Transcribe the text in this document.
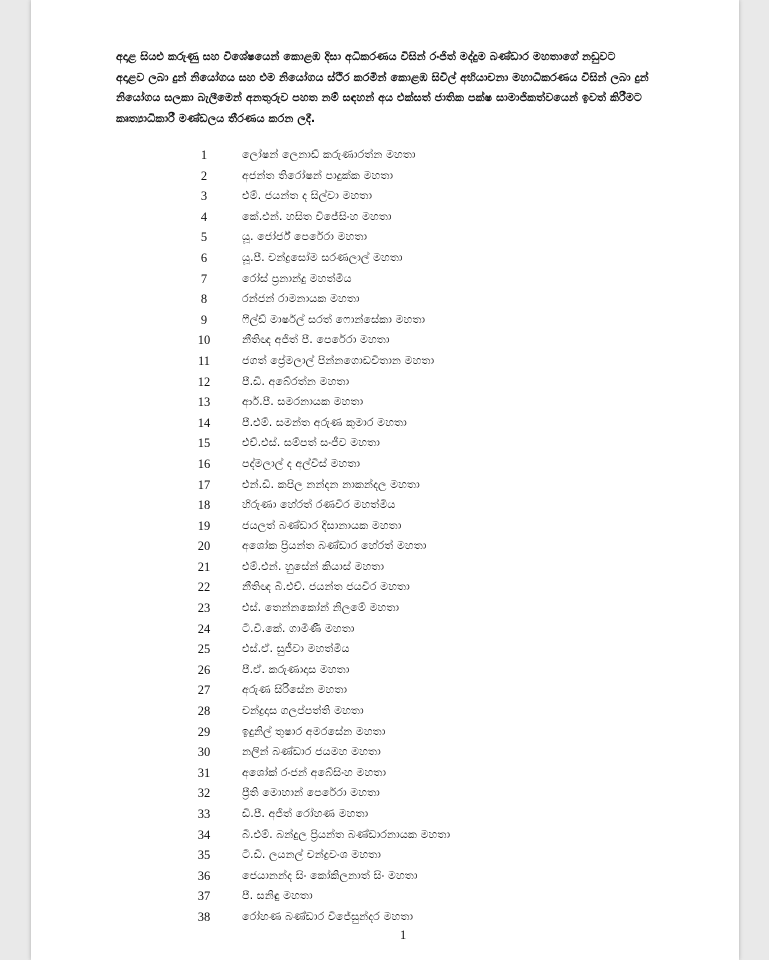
අදාළ සියළු කරුණු සහ විශේෂයෙන් කොළඹ දිසා අධිකරණය විසින් රංජිත් මද්දුම බණ්ඩාර මහතාගේ නඩුවට
අදාළව ලබා දුන් නියෝගය සහ එම නියෝගය ස්ථිර කරමින් කොළඹ සිවිල් අභියාචනා මහාධිකරණය විසින් ලබා දුන්
නියෝගය සලකා බැලීමෙන් අනතුරුව පහත නම් සඳහන් අය එක්සත් ජාතික පක්ෂ සාමාජිකත්වයෙන් ඉවත් කිරීමට
කෘත්‍යාධිකාරී මණ්ඩලය තීරණය කරන ලදී.

1	ලෝෂන් ලෙනාඩ් කරුණාරත්න මහතා
2	අජන්ත තිරෝෂන් පාදුක්ක මහතා
3	එම්. ජයන්ත ද සිල්වා මහතා
4	කේ.එන්. හසිත විජේසිංහ මහතා
5	යූ. ජෝර්ජ් පෙරේරා මහතා
6	යූ.පී. චන්ද්‍රසෝම සරණලාල් මහතා
7	රෝස් ප්‍රනාන්දු මහත්මිය
8	රන්ජන් රාමනායක මහතා
9	ෆීල්ඩ් මාර්ෂල් සරත් ෆොන්සේකා මහතා
10	නීතිඥ අජිත් පී. පෙරේරා මහතා
11	ජගත් ප්‍රේමලාල් පින්නගොඩවිතාන මහතා
12	පී.ඩී. අබේරත්න මහතා
13	ආර්.පී. සමරනායක මහතා
14	පී.එම්. සමන්ත අරුණ කුමාර මහතා
15	එච්.එස්. සම්පත් සංජීව මහතා
16	පද්මලාල් ද අල්විස් මහතා
17	එන්.ඩී. කපිල නන්දන නාකන්දල මහතා
18	හිරුණා හේරත් රණවීර මහත්මිය
19	ජයලත් බණ්ඩාර දිසානායක මහතා
20	අශෝක ප්‍රියන්ත බණ්ඩාර හේරත් මහතා
21	එම්.එන්. හුසේන් කියාස් මහතා
22	නීතිඥ බී.එච්. ජයන්ත ජයවීර මහතා
23	එස්. තෙන්නකෝන් නිලමේ මහතා
24	ටී.වී.කේ. ගාමිණී මහතා
25	එස්.ඒ. සුජීවා මහත්මිය
26	පී.ඒ. කරුණාදාස මහතා
27	අරුණ සිරිසේන මහතා
28	චන්ද්‍රදාස ගලප්පත්ති මහතා
29	ඉදුනිල් තුෂාර අමරසේන මහතා
30	නලින් බණ්ඩාර ජයමහ මහතා
31	අශෝක් රංජන් අබේසිංහ මහතා
32	ප්‍රීති මොහාන් පෙරේරා මහතා
33	ඩී.පී. අජිත් රෝහණ මහතා
34	බී.එම්. බන්දුල ප්‍රියන්ත බණ්ඩාරනායක මහතා
35	ටී.ඩී. ලයනල් චන්ද්‍රවංශ මහතා
36	ජෙයානන්ද සිං කෝකිලනාත් සිං මහතා
37	පී. සනිඳු මහතා
38	රෝහණ බණ්ඩාර විජේසුන්දර මහතා
1
